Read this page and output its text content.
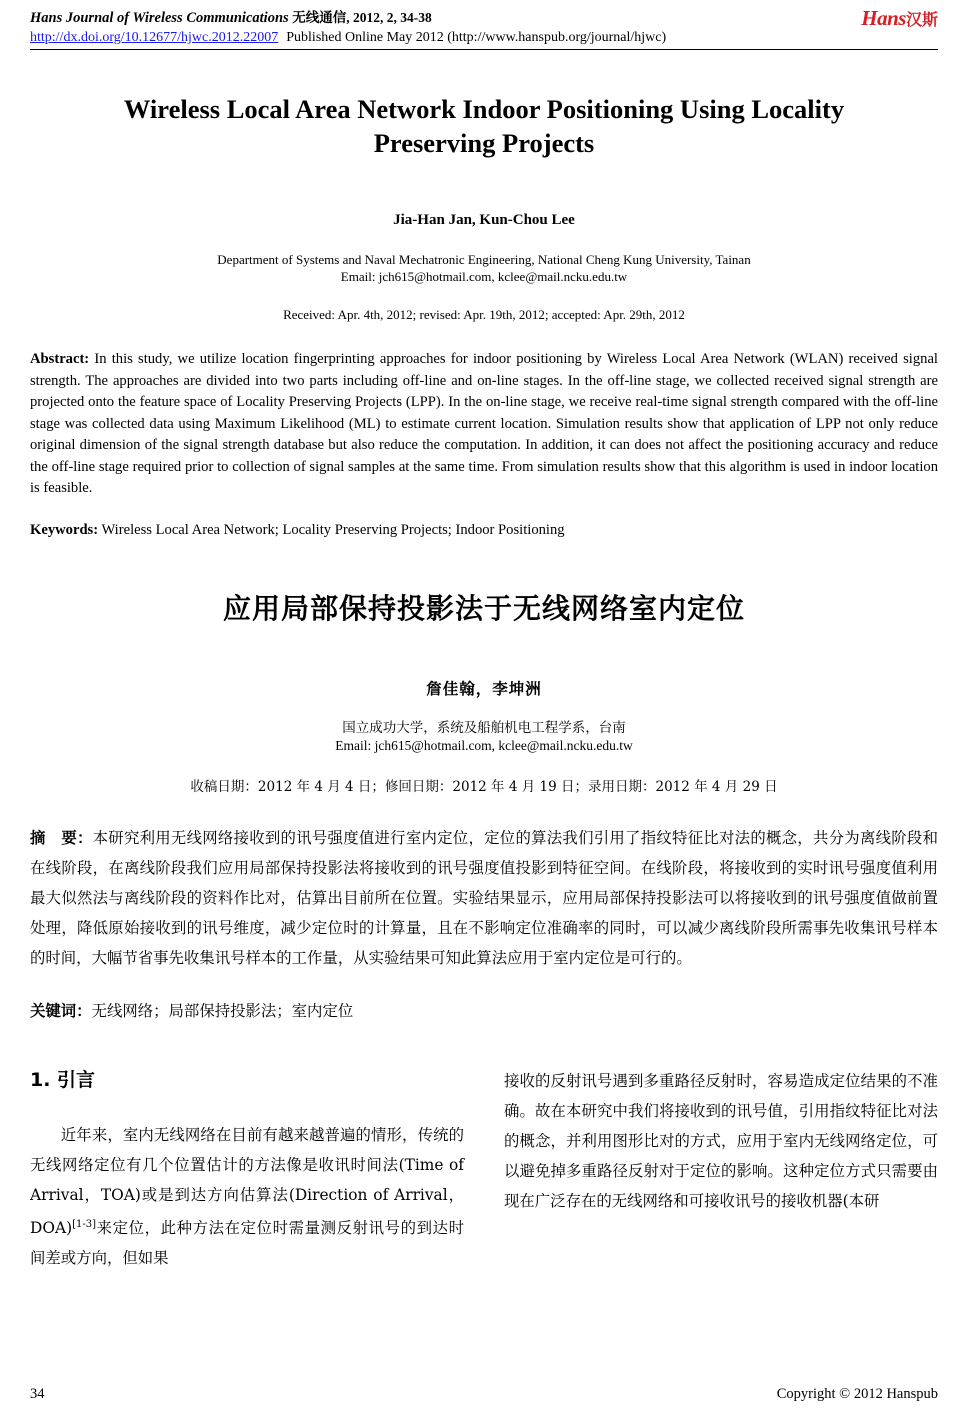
Hans Journal of Wireless Communications 无线通信, 2012, 2, 34-38
http://dx.doi.org/10.12677/hjwc.2012.22007 Published Online May 2012 (http://www.hanspub.org/journal/hjwc)
Hans汉斯
Wireless Local Area Network Indoor Positioning Using Locality Preserving Projects
Jia-Han Jan, Kun-Chou Lee
Department of Systems and Naval Mechatronic Engineering, National Cheng Kung University, Tainan
Email: jch615@hotmail.com, kclee@mail.ncku.edu.tw
Received: Apr. 4th, 2012; revised: Apr. 19th, 2012; accepted: Apr. 29th, 2012
Abstract: In this study, we utilize location fingerprinting approaches for indoor positioning by Wireless Local Area Network (WLAN) received signal strength. The approaches are divided into two parts including off-line and on-line stages. In the off-line stage, we collected received signal strength are projected onto the feature space of Locality Preserving Projects (LPP). In the on-line stage, we receive real-time signal strength compared with the off-line stage was collected data using Maximum Likelihood (ML) to estimate current location. Simulation results show that application of LPP not only reduce original dimension of the signal strength database but also reduce the computation. In addition, it can does not affect the positioning accuracy and reduce the off-line stage required prior to collection of signal samples at the same time. From simulation results show that this algorithm is used in indoor location is feasible.
Keywords: Wireless Local Area Network; Locality Preserving Projects; Indoor Positioning
应用局部保持投影法于无线网络室内定位
詹佳翰，李坤洲
国立成功大学，系统及船舶机电工程学系，台南
Email: jch615@hotmail.com, kclee@mail.ncku.edu.tw
收稿日期：2012 年 4 月 4 日；修回日期：2012 年 4 月 19 日；录用日期：2012 年 4 月 29 日
摘　要：本研究利用无线网络接收到的讯号强度值进行室内定位，定位的算法我们引用了指纹特征比对法的概念，共分为离线阶段和在线阶段，在离线阶段我们应用局部保持投影法将接收到的讯号强度值投影到特征空间。在线阶段，将接收到的实时讯号强度值利用最大似然法与离线阶段的资料作比对，估算出目前所在位置。实验结果显示，应用局部保持投影法可以将接收到的讯号强度值做前置处理，降低原始接收到的讯号维度，减少定位时的计算量，且在不影响定位准确率的同时，可以减少离线阶段所需事先收集讯号样本的时间，大幅节省事先收集讯号样本的工作量，从实验结果可知此算法应用于室内定位是可行的。
关键词：无线网络；局部保持投影法；室内定位
1. 引言

近年来，室内无线网络在目前有越来越普遍的情形，传统的无线网络定位有几个位置估计的方法像是收讯时间法(Time of Arrival，TOA)或是到达方向估算法(Direction of Arrival，DOA)[1-3]来定位，此种方法在定位时需量测反射讯号的到达时间差或方向，但如果

接收的反射讯号遇到多重路径反射时，容易造成定位结果的不准确。故在本研究中我们将接收到的讯号值，引用指纹特征比对法的概念，并利用图形比对的方式，应用于室内无线网络定位，可以避免掉多重路径反射对于定位的影响。这种定位方式只需要由现在广泛存在的无线网络和可接收讯号的接收机器(本研

34	Copyright © 2012 Hanspub
